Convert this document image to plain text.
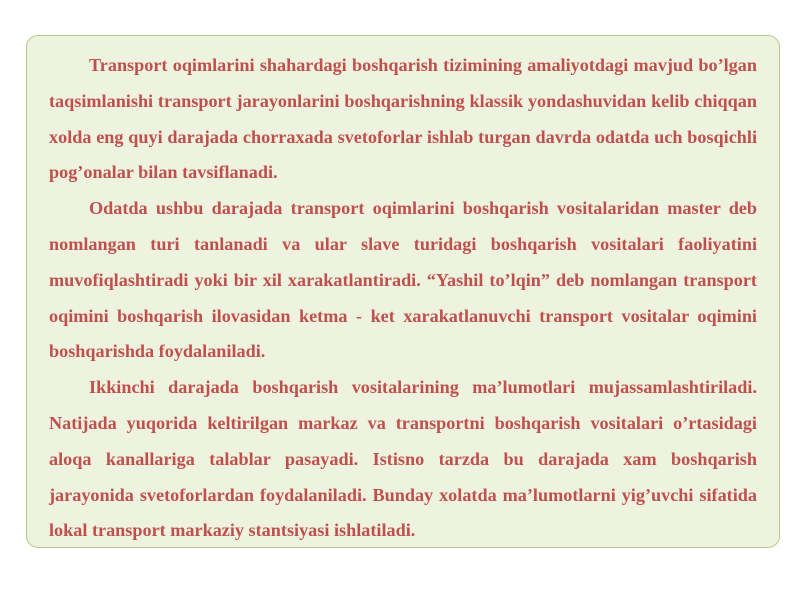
Transport oqimlarini shahardagi boshqarish tizimining amaliyotdagi mavjud bo’lgan taqsimlanishi transport jarayonlarini boshqarishning klassik yondashuvidan kelib chiqqan xolda eng quyi darajada chorraxada svetoforlar ishlab turgan davrda odatda uch bosqichli pog’onalar bilan tavsiflanadi.

Odatda ushbu darajada transport oqimlarini boshqarish vositalaridan master deb nomlangan turi tanlanadi va ular slave turidagi boshqarish vositalari faoliyatini muvofiqlashtiradi yoki bir xil xarakatlantiradi. “Yashil to’lqin” deb nomlangan transport oqimini boshqarish ilovasidan ketma - ket xarakatlanuvchi transport vositalar oqimini boshqarishda foydalaniladi.

Ikkinchi darajada boshqarish vositalarining ma’lumotlari mujassamlashtiriladi. Natijada yuqorida keltirilgan markaz va transportni boshqarish vositalari o’rtasidagi aloqa kanallariga talablar pasayadi. Istisno tarzda bu darajada xam boshqarish jarayonida svetoforlardan foydalaniladi. Bunday xolatda ma’lumotlarni yig’uvchi sifatida lokal transport markaziy stantsiyasi ishlatiladi.
